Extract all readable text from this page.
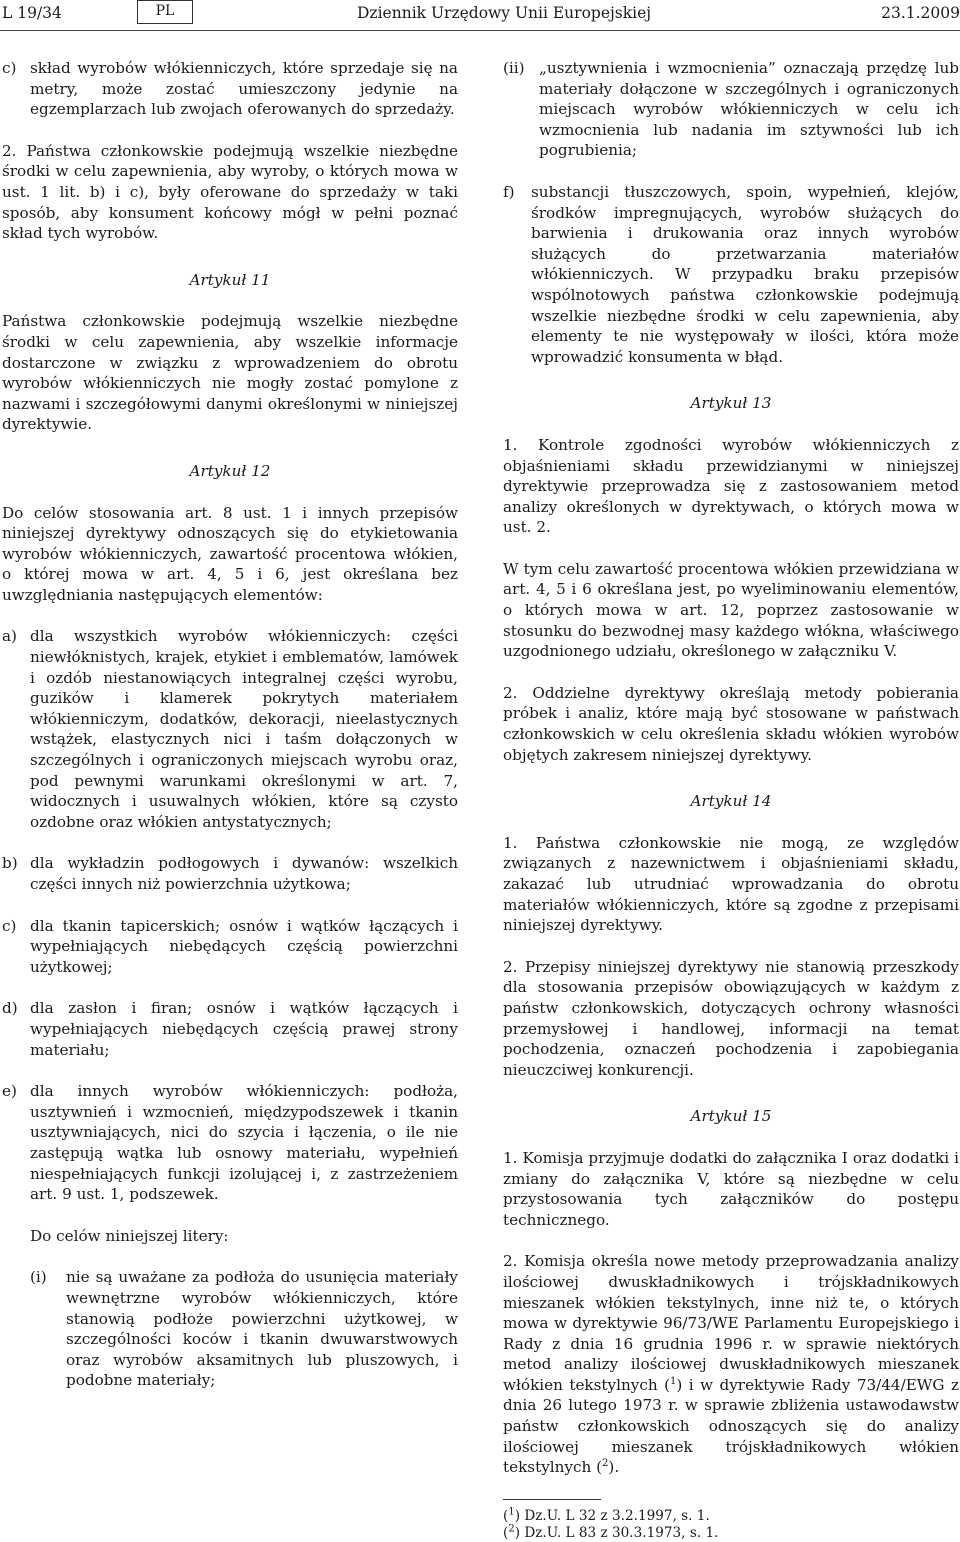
L 19/34	PL	Dziennik Urzędowy Unii Europejskiej	23.1.2009
c) skład wyrobów włókienniczych, które sprzedaje się na metry, może zostać umieszczony jedynie na egzemplarzach lub zwojach oferowanych do sprzedaży.

2. Państwa członkowskie podejmują wszelkie niezbędne środki w celu zapewnienia, aby wyroby, o których mowa w ust. 1 lit. b) i c), były oferowane do sprzedaży w taki sposób, aby konsument końcowy mógł w pełni poznać skład tych wyrobów.

Artykuł 11

Państwa członkowskie podejmują wszelkie niezbędne środki w celu zapewnienia, aby wszelkie informacje dostarczone w związku z wprowadzeniem do obrotu wyrobów włókienniczych nie mogły zostać pomylone z nazwami i szczegółowymi danymi określonymi w niniejszej dyrektywie.

Artykuł 12

Do celów stosowania art. 8 ust. 1 i innych przepisów niniejszej dyrektywy odnoszących się do etykietowania wyrobów włókienniczych, zawartość procentowa włókien, o której mowa w art. 4, 5 i 6, jest określana bez uwzględniania następujących elementów:

a) dla wszystkich wyrobów włókienniczych: części niewłóknistych, krajek, etykiet i emblematów, lamówek i ozdób niestanowiących integralnej części wyrobu, guzików i klamerek pokrytych materiałem włókienniczym, dodatków, dekoracji, nieelastycznych wstążek, elastycznych nici i taśm dołączonych w szczególnych i ograniczonych miejscach wyrobu oraz, pod pewnymi warunkami określonymi w art. 7, widocznych i usuwalnych włókien, które są czysto ozdobne oraz włókien antystatycznych;
b) dla wykładzin podłogowych i dywanów: wszelkich części innych niż powierzchnia użytkowa;
c) dla tkanin tapicerskich; osnów i wątków łączących i wypełniających niebędących częścią powierzchni użytkowej;
d) dla zasłon i firan; osnów i wątków łączących i wypełniających niebędących częścią prawej strony materiału;
e) dla innych wyrobów włókienniczych: podłoża, usztywnień i wzmocnień, międzypodszewek i tkanin usztywniających, nici do szycia i łączenia, o ile nie zastępują wątka lub osnowy materiału, wypełnień niespełniających funkcji izolującej i, z zastrzeżeniem art. 9 ust. 1, podszewek.

Do celów niniejszej litery:

(i)	nie są uważane za podłoża do usunięcia materiały wewnętrzne wyrobów włókienniczych, które stanowią podłoże powierzchni użytkowej, w szczególności koców i tkanin dwuwarstwowych oraz wyrobów aksamitnych lub pluszowych, i podobne materiały;
(ii) „usztywnienia i wzmocnienia” oznaczają przędzę lub materiały dołączone w szczególnych i ograniczonych miejscach wyrobów włókienniczych w celu ich wzmocnienia lub nadania im sztywności lub ich pogrubienia;
f)	substancji tłuszczowych, spoin, wypełnień, klejów, środków impregnujących, wyrobów służących do barwienia i drukowania oraz innych wyrobów służących do przetwarzania materiałów włókienniczych. W przypadku braku przepisów wspólnotowych państwa członkowskie podejmują wszelkie niezbędne środki w celu zapewnienia, aby elementy te nie występowały w ilości, która może wprowadzić konsumenta w błąd.
Artykuł 13

1. Kontrole zgodności wyrobów włókienniczych z objaśnieniami składu przewidzianymi w niniejszej dyrektywie przeprowadza się z zastosowaniem metod analizy określonych w dyrektywach, o których mowa w ust. 2.

W tym celu zawartość procentowa włókien przewidziana w art. 4, 5 i 6 określana jest, po wyeliminowaniu elementów, o których mowa w art. 12, poprzez zastosowanie w stosunku do bezwodnej masy każdego włókna, właściwego uzgodnionego udziału, określonego w załączniku V.

2. Oddzielne dyrektywy określają metody pobierania próbek i analiz, które mają być stosowane w państwach członkowskich w celu określenia składu włókien wyrobów objętych zakresem niniejszej dyrektywy.

Artykuł 14

1. Państwa członkowskie nie mogą, ze względów związanych z nazewnictwem i objaśnieniami składu, zakazać lub utrudniać wprowadzania do obrotu materiałów włókienniczych, które są zgodne z przepisami niniejszej dyrektywy.

2. Przepisy niniejszej dyrektywy nie stanowią przeszkody dla stosowania przepisów obowiązujących w każdym z państw członkowskich, dotyczących ochrony własności przemysłowej i handlowej, informacji na temat pochodzenia, oznaczeń pochodzenia i zapobiegania nieuczciwej konkurencji.

Artykuł 15

1. Komisja przyjmuje dodatki do załącznika I oraz dodatki i zmiany do załącznika V, które są niezbędne w celu przystosowania tych załączników do postępu technicznego.

2. Komisja określa nowe metody przeprowadzania analizy ilościowej dwuskładnikowych i trójskładnikowych mieszanek włókien tekstylnych, inne niż te, o których mowa w dyrektywie 96/73/WE Parlamentu Europejskiego i Rady z dnia 16 grudnia 1996 r. w sprawie niektórych metod analizy ilościowej dwuskładnikowych mieszanek włókien tekstylnych ($^1$) i w dyrektywie Rady 73/44/EWG z dnia 26 lutego 1973 r. w sprawie zbliżenia ustawodawstw państw członkowskich odnoszących się do analizy ilościowej mieszanek trójskładnikowych włókien tekstylnych ($^2$).

($^1$) Dz.U. L 32 z 3.2.1997, s. 1.

($^2$) Dz.U. L 83 z 30.3.1973, s. 1.
